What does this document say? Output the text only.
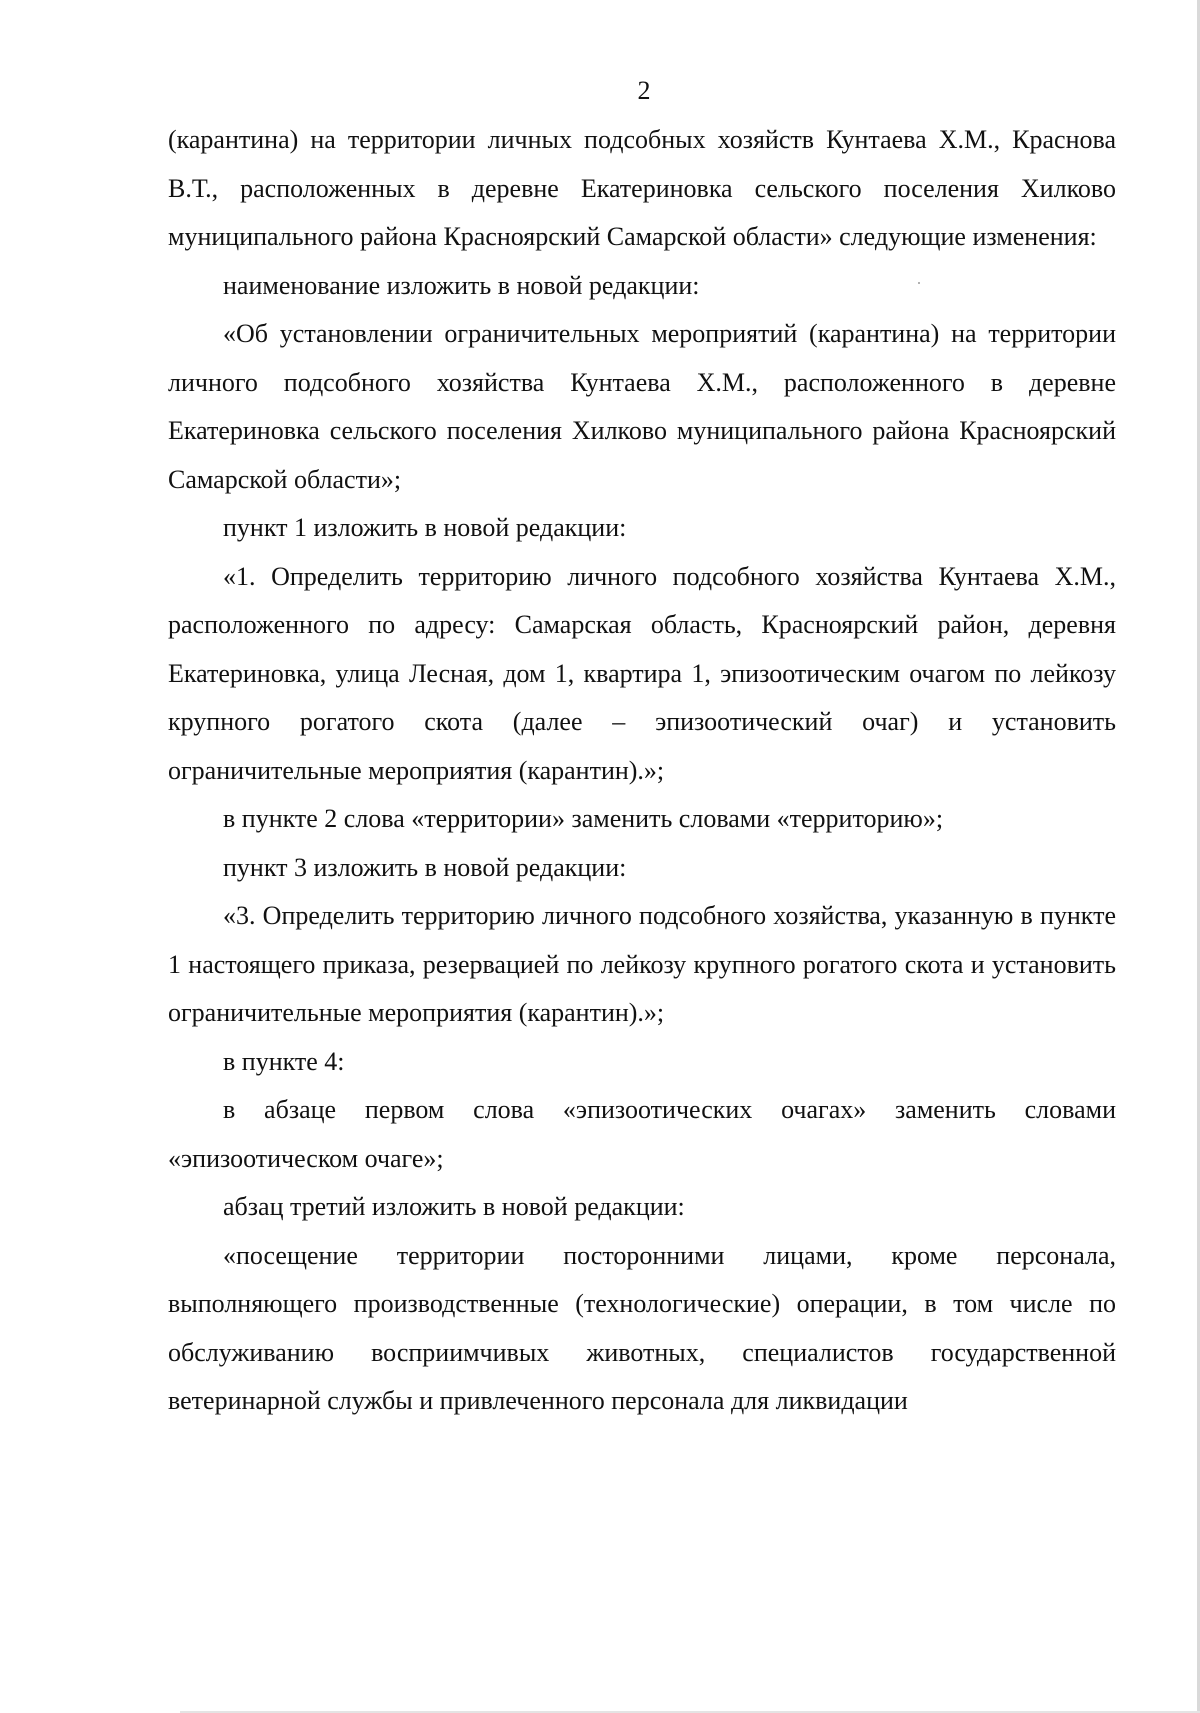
2

(карантина) на территории личных подсобных хозяйств Кунтаева Х.М., Краснова В.Т., расположенных в деревне Екатериновка сельского поселения Хилково муниципального района Красноярский Самарской области» следующие изменения:

наименование изложить в новой редакции:

«Об установлении ограничительных мероприятий (карантина) на территории личного подсобного хозяйства Кунтаева Х.М., расположенного в деревне Екатериновка сельского поселения Хилково муниципального района Красноярский Самарской области»;

пункт 1 изложить в новой редакции:

«1. Определить территорию личного подсобного хозяйства Кунтаева Х.М., расположенного по адресу: Самарская область, Красноярский район, деревня Екатериновка, улица Лесная, дом 1, квартира 1, эпизоотическим очагом по лейкозу крупного рогатого скота (далее – эпизоотический очаг) и установить ограничительные мероприятия (карантин).»;

в пункте 2 слова «территории» заменить словами «территорию»;

пункт 3 изложить в новой редакции:

«3. Определить территорию личного подсобного хозяйства, указанную в пункте 1 настоящего приказа, резервацией по лейкозу крупного рогатого скота и установить ограничительные мероприятия (карантин).»;

в пункте 4:

в абзаце первом слова «эпизоотических очагах» заменить словами «эпизоотическом очаге»;

абзац третий изложить в новой редакции:

«посещение территории посторонними лицами, кроме персонала, выполняющего производственные (технологические) операции, в том числе по обслуживанию восприимчивых животных, специалистов государственной ветеринарной службы и привлеченного персонала для ликвидации
